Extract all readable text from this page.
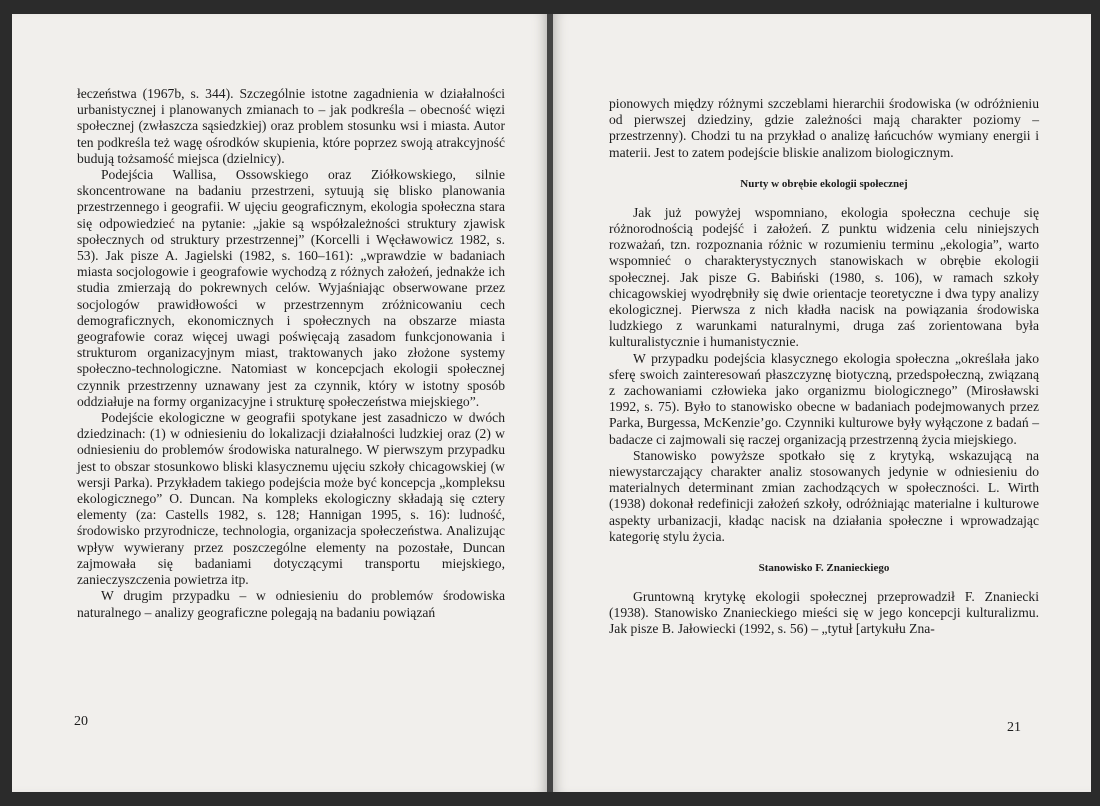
łeczeństwa (1967b, s. 344). Szczególnie istotne zagadnienia w działalności urbanistycznej i planowanych zmianach to – jak podkreśla – obecność więzi społecznej (zwłaszcza sąsiedzkiej) oraz problem stosunku wsi i miasta. Autor ten podkreśla też wagę ośrodków skupienia, które poprzez swoją atrakcyjność budują tożsamość miejsca (dzielnicy).

Podejścia Wallisa, Ossowskiego oraz Ziółkowskiego, silnie skoncentrowane na badaniu przestrzeni, sytuują się blisko planowania przestrzennego i geografii. W ujęciu geograficznym, ekologia społeczna stara się odpowiedzieć na pytanie: „jakie są współzależności struktury zjawisk społecznych od struktury przestrzennej” (Korcelli i Węcławowicz 1982, s. 53). Jak pisze A. Jagielski (1982, s. 160–161): „wprawdzie w badaniach miasta socjologowie i geografowie wychodzą z różnych założeń, jednakże ich studia zmierzają do pokrewnych celów. Wyjaśniając obserwowane przez socjologów prawidłowości w przestrzennym zróżnicowaniu cech demograficznych, ekonomicznych i społecznych na obszarze miasta geografowie coraz więcej uwagi poświęcają zasadom funkcjonowania i strukturom organizacyjnym miast, traktowanych jako złożone systemy społeczno-technologiczne. Natomiast w koncepcjach ekologii społecznej czynnik przestrzenny uznawany jest za czynnik, który w istotny sposób oddziałuje na formy organizacyjne i strukturę społeczeństwa miejskiego”.

Podejście ekologiczne w geografii spotykane jest zasadniczo w dwóch dziedzinach: (1) w odniesieniu do lokalizacji działalności ludzkiej oraz (2) w odniesieniu do problemów środowiska naturalnego. W pierwszym przypadku jest to obszar stosunkowo bliski klasycznemu ujęciu szkoły chicagowskiej (w wersji Parka). Przykładem takiego podejścia może być koncepcja „kompleksu ekologicznego” O. Duncan. Na kompleks ekologiczny składają się cztery elementy (za: Castells 1982, s. 128; Hannigan 1995, s. 16): ludność, środowisko przyrodnicze, technologia, organizacja społeczeństwa. Analizując wpływ wywierany przez poszczególne elementy na pozostałe, Duncan zajmowała się badaniami dotyczącymi transportu miejskiego, zanieczyszczenia powietrza itp.

W drugim przypadku – w odniesieniu do problemów środowiska naturalnego – analizy geograficzne polegają na badaniu powiązań

20

pionowych między różnymi szczeblami hierarchii środowiska (w odróżnieniu od pierwszej dziedziny, gdzie zależności mają charakter poziomy – przestrzenny). Chodzi tu na przykład o analizę łańcuchów wymiany energii i materii. Jest to zatem podejście bliskie analizom biologicznym.

Nurty w obrębie ekologii społecznej

Jak już powyżej wspomniano, ekologia społeczna cechuje się różnorodnością podejść i założeń. Z punktu widzenia celu niniejszych rozważań, tzn. rozpoznania różnic w rozumieniu terminu „ekologia”, warto wspomnieć o charakterystycznych stanowiskach w obrębie ekologii społecznej. Jak pisze G. Babiński (1980, s. 106), w ramach szkoły chicagowskiej wyodrębniły się dwie orientacje teoretyczne i dwa typy analizy ekologicznej. Pierwsza z nich kładła nacisk na powiązania środowiska ludzkiego z warunkami naturalnymi, druga zaś zorientowana była kulturalistycznie i humanistycznie.

W przypadku podejścia klasycznego ekologia społeczna „określała jako sferę swoich zainteresowań płaszczyznę biotyczną, przedspołeczną, związaną z zachowaniami człowieka jako organizmu biologicznego” (Mirosławski 1992, s. 75). Było to stanowisko obecne w badaniach podejmowanych przez Parka, Burgessa, McKenzie’go. Czynniki kulturowe były wyłączone z badań – badacze ci zajmowali się raczej organizacją przestrzenną życia miejskiego.

Stanowisko powyższe spotkało się z krytyką, wskazującą na niewystarczający charakter analiz stosowanych jedynie w odniesieniu do materialnych determinant zmian zachodzących w społeczności. L. Wirth (1938) dokonał redefinicji założeń szkoły, odróżniając materialne i kulturowe aspekty urbanizacji, kładąc nacisk na działania społeczne i wprowadzając kategorię stylu życia.

Stanowisko F. Znanieckiego

Gruntowną krytykę ekologii społecznej przeprowadził F. Znaniecki (1938). Stanowisko Znanieckiego mieści się w jego koncepcji kulturalizmu. Jak pisze B. Jałowiecki (1992, s. 56) – „tytuł [artykułu Zna-

21
